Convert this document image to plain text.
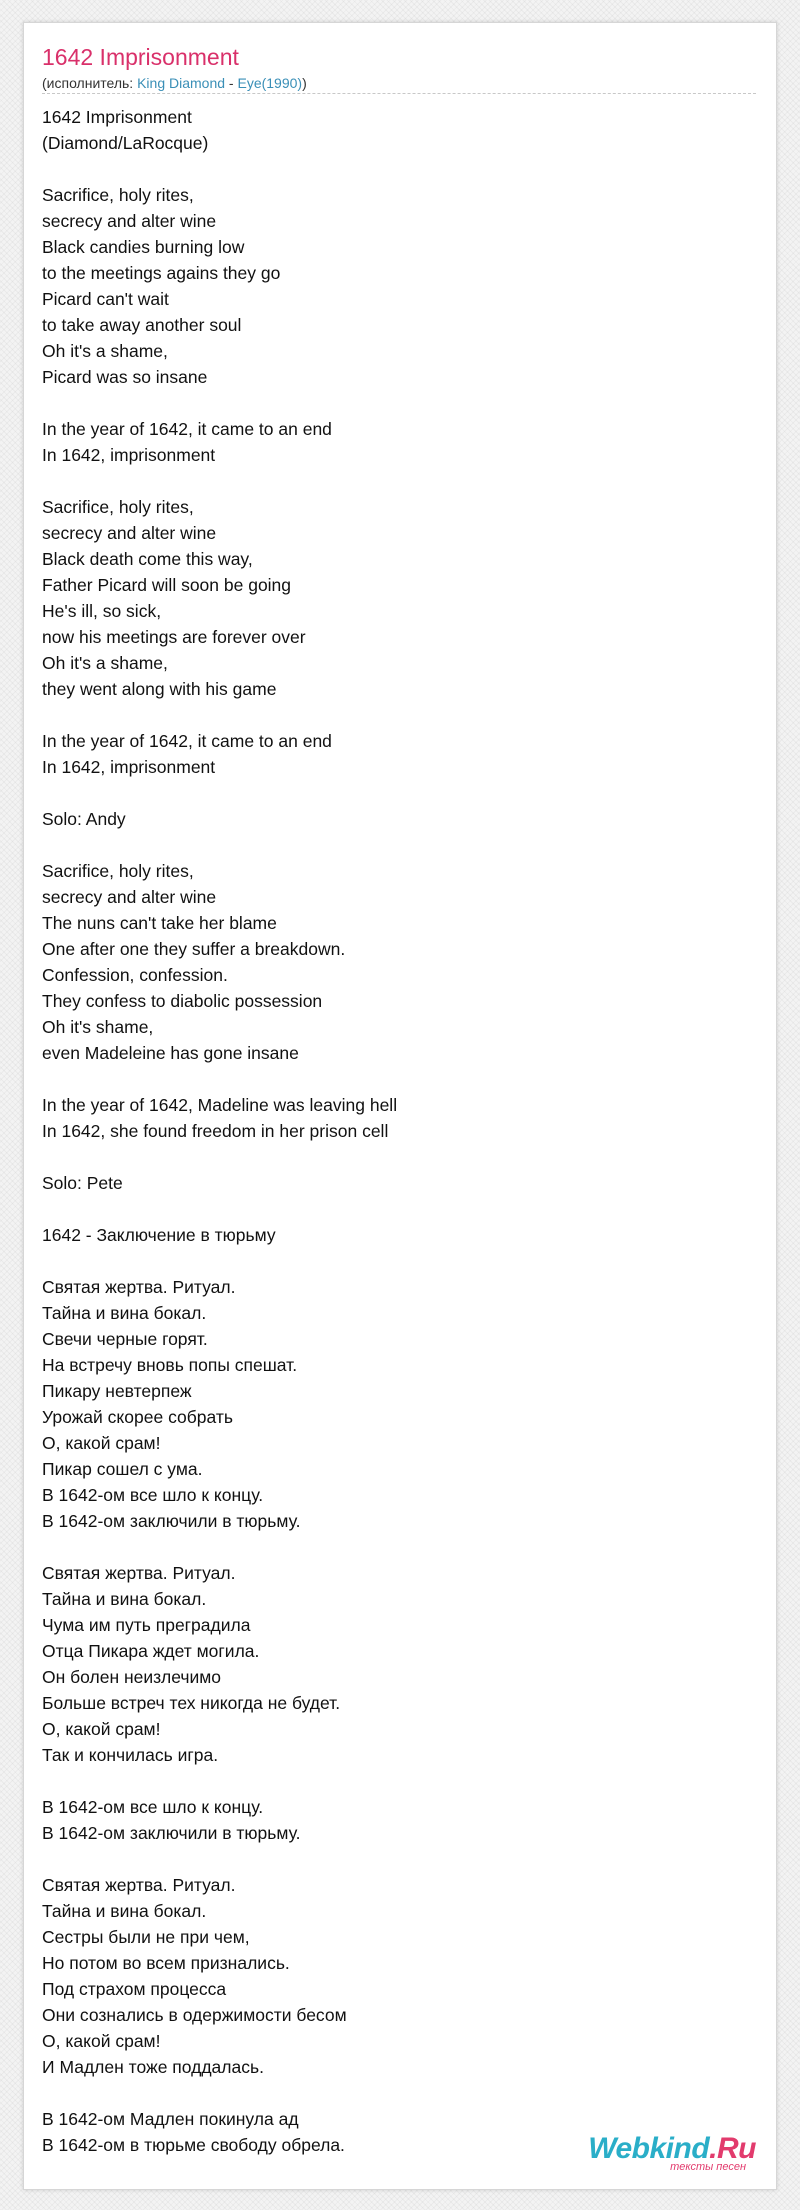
1642 Imprisonment
(исполнитель: King Diamond - Eye(1990))
1642 Imprisonment
(Diamond/LaRocque)
Sacrifice, holy rites,
secrecy and alter wine
Black candies burning low
to the meetings agains they go
Picard can't wait
to take away another soul
Oh it's a shame,
Picard was so insane
In the year of 1642, it came to an end
In 1642, imprisonment
Sacrifice, holy rites,
secrecy and alter wine
Black death come this way,
Father Picard will soon be going
He's ill, so sick,
now his meetings are forever over
Oh it's a shame,
they went along with his game
In the year of 1642, it came to an end
In 1642, imprisonment
Solo: Andy
Sacrifice, holy rites,
secrecy and alter wine
The nuns can't take her blame
One after one they suffer a breakdown.
Confession, confession.
They confess to diabolic possession
Oh it's shame,
even Madeleine has gone insane
In the year of 1642, Madeline was leaving hell
In 1642, she found freedom in her prison cell
Solo: Pete
1642 - Заключение в тюрьму
Святая жертва. Ритуал.
Тайна и вина бокал.
Свечи черные горят.
На встречу вновь попы спешат.
Пикару невтерпеж
Урожай скорее собрать
О, какой срам!
Пикар сошел с ума.
В 1642-ом все шло к концу.
В 1642-ом заключили в тюрьму.
Святая жертва. Ритуал.
Тайна и вина бокал.
Чума им путь преградила
Отца Пикара ждет могила.
Он болен неизлечимо
Больше встреч тех никогда не будет.
О, какой срам!
Так и кончилась игра.
В 1642-ом все шло к концу.
В 1642-ом заключили в тюрьму.
Святая жертва. Ритуал.
Тайна и вина бокал.
Сестры были не при чем,
Но потом во всем признались.
Под страхом процесса
Они сознались в одержимости бесом
О, какой срам!
И Мадлен тоже поддалась.
В 1642-ом Мадлен покинула ад
В 1642-ом в тюрьме свободу обрела.	Webkind.Ru
тексты песен
